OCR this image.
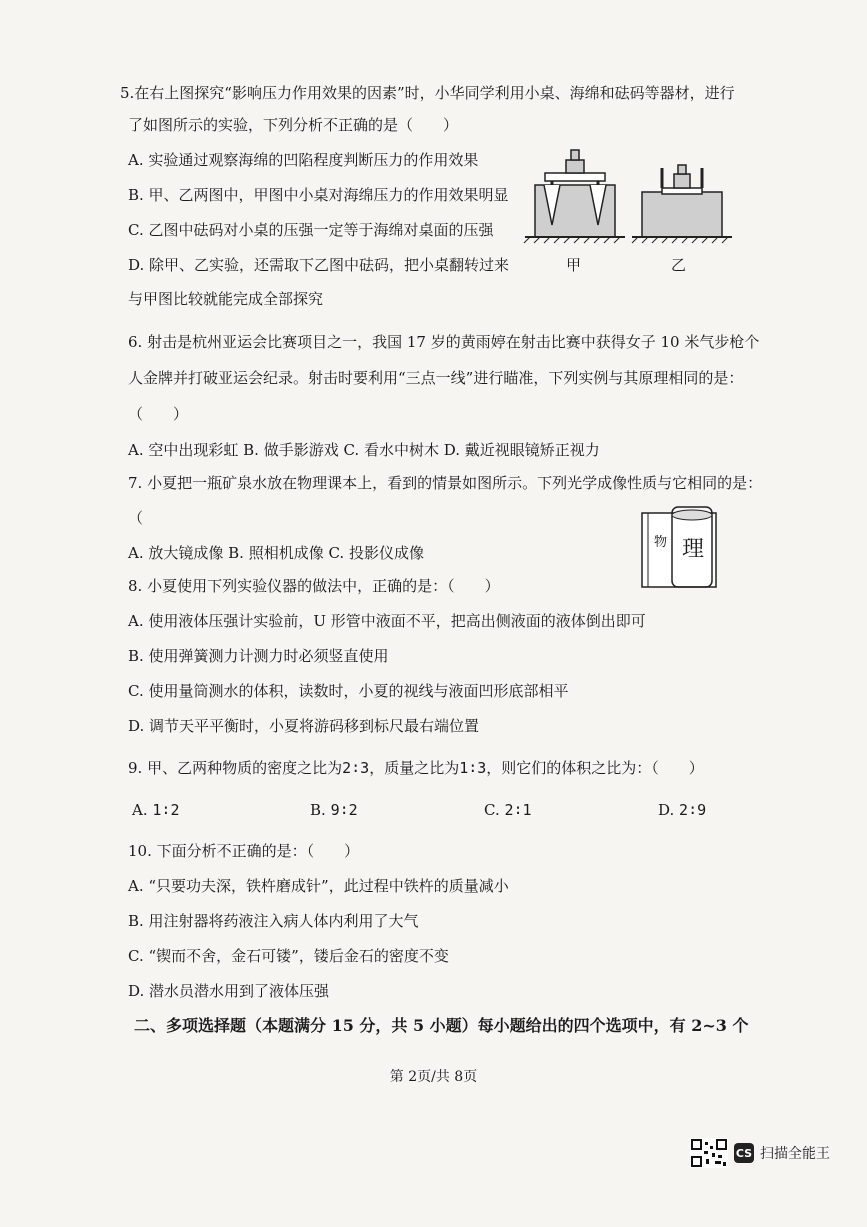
5.在右上图探究“影响压力作用效果的因素”时，小华同学利用小桌、海绵和砝码等器材，进行
了如图所示的实验，下列分析不正确的是（　　）
A. 实验通过观察海绵的凹陷程度判断压力的作用效果
B. 甲、乙两图中，甲图中小桌对海绵压力的作用效果明显
C. 乙图中砝码对小桌的压强一定等于海绵对桌面的压强
D. 除甲、乙实验，还需取下乙图中砝码，把小桌翻转过来
与甲图比较就能完成全部探究
甲	乙
6. 射击是杭州亚运会比赛项目之一，我国 17 岁的黄雨婷在射击比赛中获得女子 10 米气步枪个
人金牌并打破亚运会纪录。射击时要利用“三点一线”进行瞄准，下列实例与其原理相同的是：
（　　）
A. 空中出现彩虹 B. 做手影游戏 C. 看水中树木 D. 戴近视眼镜矫正视力
7. 小夏把一瓶矿泉水放在物理课本上，看到的情景如图所示。下列光学成像性质与它相同的是：
（
A. 放大镜成像 B. 照相机成像 C. 投影仪成像
物 理
8. 小夏使用下列实验仪器的做法中，正确的是：（　　）
A. 使用液体压强计实验前，U 形管中液面不平，把高出侧液面的液体倒出即可
B. 使用弹簧测力计测力时必须竖直使用
C. 使用量筒测水的体积，读数时，小夏的视线与液面凹形底部相平
D. 调节天平平衡时，小夏将游码移到标尺最右端位置
9. 甲、乙两种物质的密度之比为2∶3，质量之比为1∶3，则它们的体积之比为：（　　）
A. 1∶2	B. 9∶2	C. 2∶1	D. 2∶9
10. 下面分析不正确的是：（　　）
A. “只要功夫深，铁杵磨成针”，此过程中铁杵的质量减小
B. 用注射器将药液注入病人体内利用了大气
C. “锲而不舍，金石可镂”，镂后金石的密度不变
D. 潜水员潜水用到了液体压强
二、多项选择题（本题满分 15 分，共 5 小题）每小题给出的四个选项中，有 2~3 个
第 2页/共 8页
CS 扫描全能王
